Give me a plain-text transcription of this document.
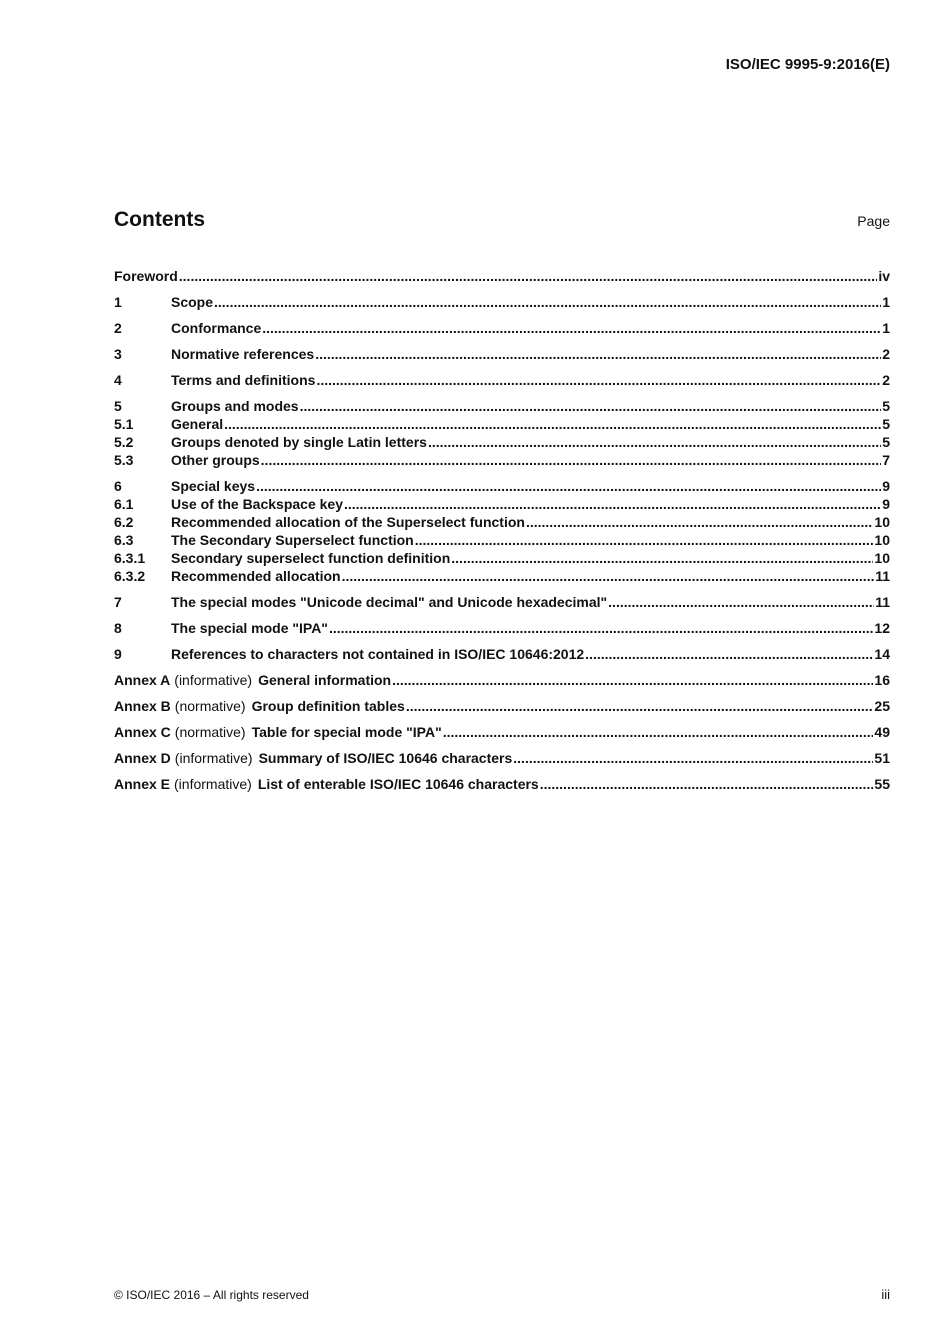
ISO/IEC 9995-9:2016(E)
Contents	Page
Foreword .....	iv
1	Scope .....	1
2	Conformance .....	1
3	Normative references .....	2
4	Terms and definitions .....	2
5	Groups and modes .....	5
5.1	General .....	5
5.2	Groups denoted by single Latin letters .....	5
5.3	Other groups .....	7
6	Special keys .....	9
6.1	Use of the Backspace key .....	9
6.2	Recommended allocation of the Superselect function .....	10
6.3	The Secondary Superselect function .....	10
6.3.1	Secondary superselect function definition .....	10
6.3.2	Recommended allocation .....	11
7	The special modes "Unicode decimal" and Unicode hexadecimal" .....	11
8	The special mode "IPA" .....	12
9	References to characters not contained in ISO/IEC 10646:2012 .....	14
Annex A (informative) General information .....	16
Annex B (normative) Group definition tables .....	25
Annex C (normative) Table for special mode "IPA" .....	49
Annex D (informative) Summary of ISO/IEC 10646 characters .....	51
Annex E (informative) List of enterable ISO/IEC 10646 characters .....	55
© ISO/IEC 2016 – All rights reserved	iii
